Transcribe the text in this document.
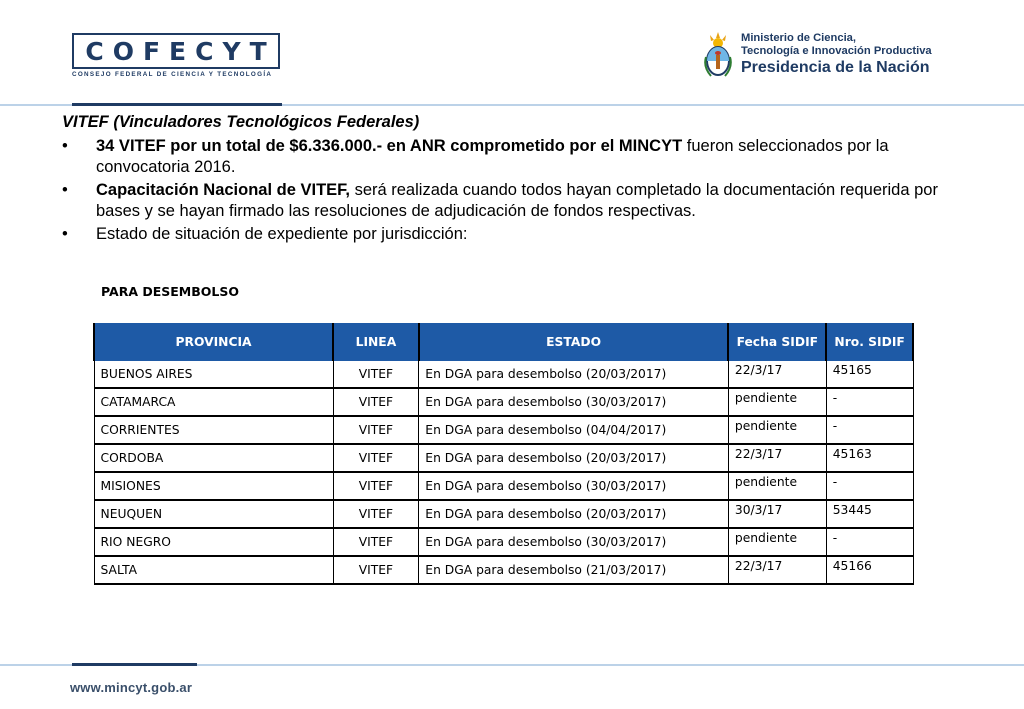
COFECYT
CONSEJO FEDERAL DE CIENCIA Y TECNOLOGÍA
Ministerio de Ciencia,
Tecnología e Innovación Productiva
Presidencia de la Nación
VITEF (Vinculadores Tecnológicos Federales)
• 34 VITEF por un total de $6.336.000.- en ANR comprometido por el MINCYT fueron seleccionados por la convocatoria 2016.
• Capacitación Nacional de VITEF, será realizada cuando todos hayan completado la documentación requerida por bases y se hayan firmado las resoluciones de adjudicación de fondos respectivas.
• Estado de situación de expediente por jurisdicción:
PARA DESEMBOLSO
PROVINCIA	LINEA	ESTADO	Fecha SIDIF	Nro. SIDIF
BUENOS AIRES	VITEF	En DGA para desembolso (20/03/2017)	22/3/17	45165
CATAMARCA	VITEF	En DGA para desembolso (30/03/2017)	pendiente	-
CORRIENTES	VITEF	En DGA para desembolso (04/04/2017)	pendiente	-
CORDOBA	VITEF	En DGA para desembolso (20/03/2017)	22/3/17	45163
MISIONES	VITEF	En DGA para desembolso (30/03/2017)	pendiente	-
NEUQUEN	VITEF	En DGA para desembolso (20/03/2017)	30/3/17	53445
RIO NEGRO	VITEF	En DGA para desembolso (30/03/2017)	pendiente	-
SALTA	VITEF	En DGA para desembolso (21/03/2017)	22/3/17	45166
www.mincyt.gob.ar
